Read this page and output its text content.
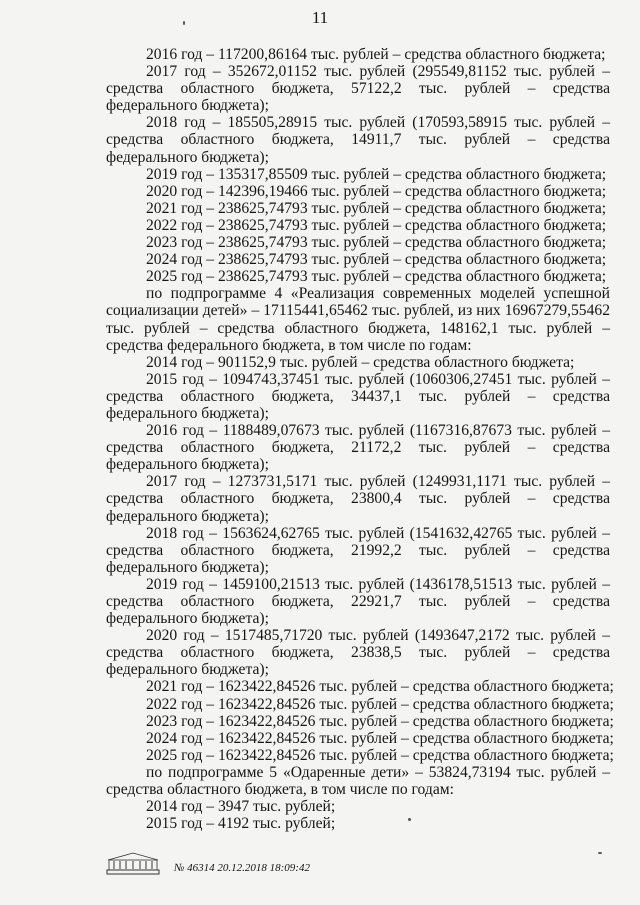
11

2016 год – 117200,86164 тыс. рублей – средства областного бюджета;

2017 год – 352672,01152 тыс. рублей (295549,81152 тыс. рублей – средства областного бюджета, 57122,2 тыс. рублей – средства федерального бюджета);

2018 год – 185505,28915 тыс. рублей (170593,58915 тыс. рублей – средства областного бюджета, 14911,7 тыс. рублей – средства федерального бюджета);

2019 год – 135317,85509 тыс. рублей – средства областного бюджета;

2020 год – 142396,19466 тыс. рублей – средства областного бюджета;

2021 год – 238625,74793 тыс. рублей – средства областного бюджета;

2022 год – 238625,74793 тыс. рублей – средства областного бюджета;

2023 год – 238625,74793 тыс. рублей – средства областного бюджета;

2024 год – 238625,74793 тыс. рублей – средства областного бюджета;

2025 год – 238625,74793 тыс. рублей – средства областного бюджета;

по подпрограмме 4 «Реализация современных моделей успешной социализации детей» – 17115441,65462 тыс. рублей, из них 16967279,55462 тыс. рублей – средства областного бюджета, 148162,1 тыс. рублей – средства федерального бюджета, в том числе по годам:

2014 год – 901152,9 тыс. рублей – средства областного бюджета;

2015 год – 1094743,37451 тыс. рублей (1060306,27451 тыс. рублей – средства областного бюджета, 34437,1 тыс. рублей – средства федерального бюджета);

2016 год – 1188489,07673 тыс. рублей (1167316,87673 тыс. рублей – средства областного бюджета, 21172,2 тыс. рублей – средства федерального бюджета);

2017 год – 1273731,5171 тыс. рублей (1249931,1171 тыс. рублей – средства областного бюджета, 23800,4 тыс. рублей – средства федерального бюджета);

2018 год – 1563624,62765 тыс. рублей (1541632,42765 тыс. рублей – средства областного бюджета, 21992,2 тыс. рублей – средства федерального бюджета);

2019 год – 1459100,21513 тыс. рублей (1436178,51513 тыс. рублей – средства областного бюджета, 22921,7 тыс. рублей – средства федерального бюджета);

2020 год – 1517485,71720 тыс. рублей (1493647,2172 тыс. рублей – средства областного бюджета, 23838,5 тыс. рублей – средства федерального бюджета);

2021 год – 1623422,84526 тыс. рублей – средства областного бюджета;

2022 год – 1623422,84526 тыс. рублей – средства областного бюджета;

2023 год – 1623422,84526 тыс. рублей – средства областного бюджета;

2024 год – 1623422,84526 тыс. рублей – средства областного бюджета;

2025 год – 1623422,84526 тыс. рублей – средства областного бюджета;

по подпрограмме 5 «Одаренные дети» – 53824,73194 тыс. рублей – средства областного бюджета, в том числе по годам:

2014 год – 3947 тыс. рублей;

2015 год – 4192 тыс. рублей;

№ 46314 20.12.2018 18:09:42
